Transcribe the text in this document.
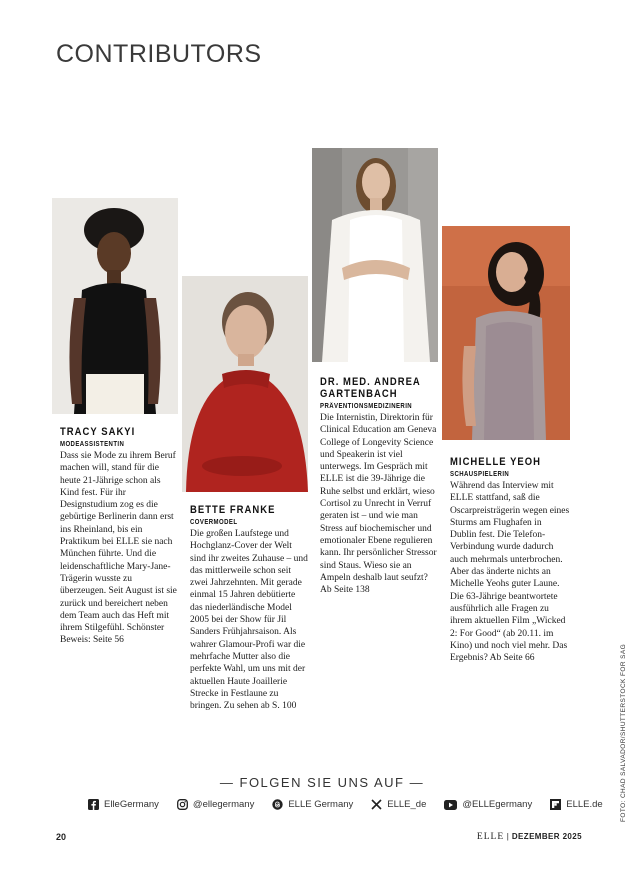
CONTRIBUTORS
TRACY SAKYI
MODEASSISTENTIN

Dass sie Mode zu ihrem Beruf machen will, stand für die heute 21-Jährige schon als Kind fest. Für ihr Designstudium zog es die gebürtige Berlinerin dann erst ins Rheinland, bis ein Praktikum bei ELLE sie nach München führte. Und die leidenschaftliche Mary-Jane-Trägerin wusste zu überzeugen. Seit August ist sie zurück und bereichert neben dem Team auch das Heft mit ihrem Stilgefühl. Schönster Beweis: Seite 56

BETTE FRANKE
COVERMODEL

Die großen Laufstege und Hochglanz-Cover der Welt sind ihr zweites Zuhause – und das mittlerweile schon seit zwei Jahrzehnten. Mit gerade einmal 15 Jahren debütierte das niederländische Model 2005 bei der Show für Jil Sanders Frühjahrsaison. Als wahrer Glamour-Profi war die mehrfache Mutter also die perfekte Wahl, um uns mit der aktuellen Haute Joaillerie Strecke in Festlaune zu bringen. Zu sehen ab S. 100

DR. MED. ANDREA
GARTENBACH
PRÄVENTIONSMEDIZINERIN

Die Internistin, Direktorin für Clinical Education am Geneva College of Longevity Science und Speakerin ist viel unterwegs. Im Gespräch mit ELLE ist die 39-Jährige die Ruhe selbst und erklärt, wieso Cortisol zu Unrecht in Verruf geraten ist – und wie man Stress auf biochemischer und emotionaler Ebene regulieren kann. Ihr persönlicher Stressor sind Staus. Wieso sie an Ampeln deshalb laut seufzt? Ab Seite 138

MICHELLE YEOH
SCHAUSPIELERIN

Während das Interview mit ELLE stattfand, saß die Oscarpreisträgerin wegen eines Sturms am Flughafen in Dublin fest. Die Telefon-Verbindung wurde dadurch auch mehrmals unterbrochen. Aber das änderte nichts an Michelle Yeohs guter Laune. Die 63-Jährige beantwortete ausführlich alle Fragen zu ihrem aktuellen Film „Wicked 2: For Good“ (ab 20.11. im Kino) und noch viel mehr. Das Ergebnis? Ab Seite 66

— FOLGEN SIE UNS AUF —
ElleGermany	@ellegermany	ELLE Germany	ELLE_de	@ELLEgermany	ELLE.de
20	ELLE | DEZEMBER 2025
FOTO: CHAD SALVADOR/SHUTTERSTOCK FOR SAG
